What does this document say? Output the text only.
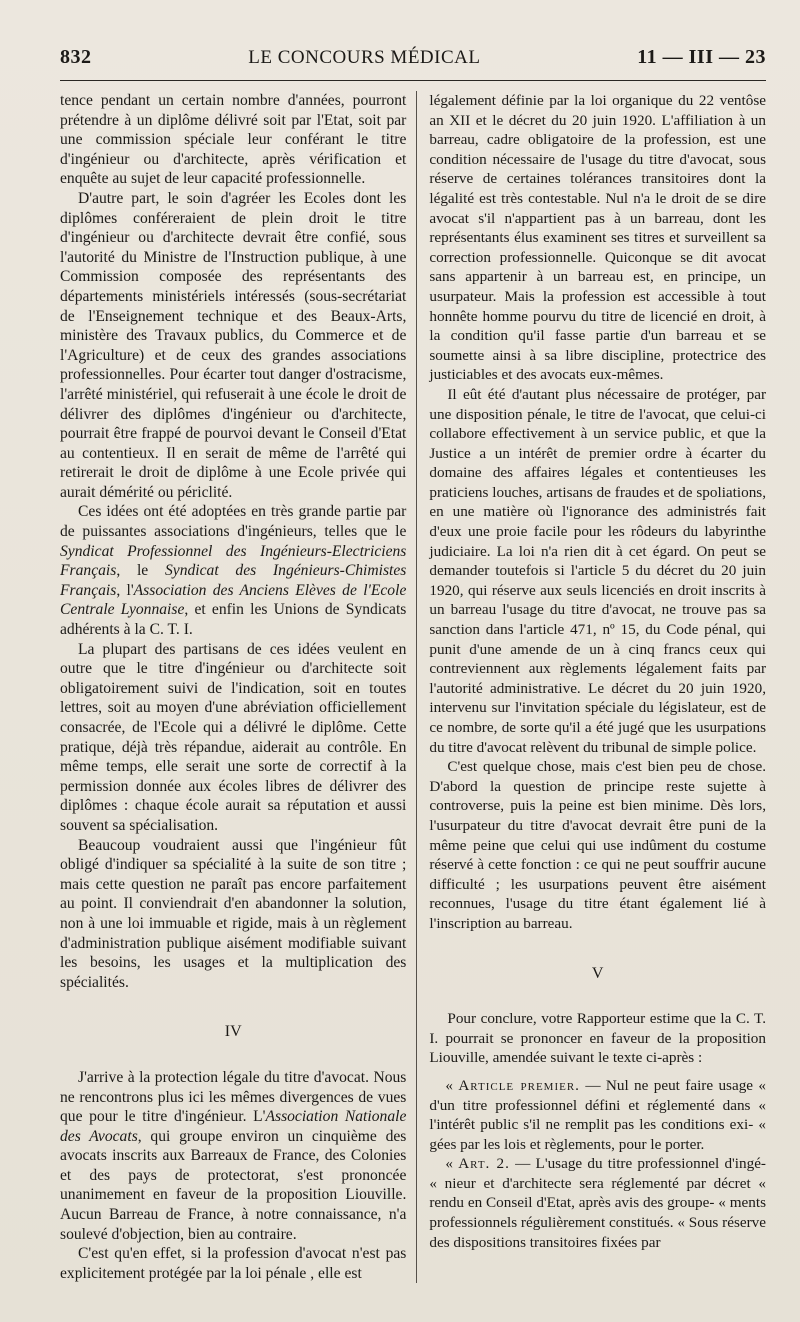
832	LE CONCOURS MÉDICAL	11 — III — 23

tence pendant un certain nombre d'années, pourront prétendre à un diplôme délivré soit par l'Etat, soit par une commission spéciale leur conférant le titre d'ingénieur ou d'architecte, après vérification et enquête au sujet de leur capacité professionnelle.

D'autre part, le soin d'agréer les Ecoles dont les diplômes conféreraient de plein droit le titre d'ingénieur ou d'architecte devrait être confié, sous l'autorité du Ministre de l'Instruction publique, à une Commission composée des représentants des départements ministériels intéressés (sous-secrétariat de l'Enseignement technique et des Beaux-Arts, ministère des Travaux publics, du Commerce et de l'Agriculture) et de ceux des grandes associations professionnelles. Pour écarter tout danger d'ostracisme, l'arrêté ministériel, qui refuserait à une école le droit de délivrer des diplômes d'ingénieur ou d'architecte, pourrait être frappé de pourvoi devant le Conseil d'Etat au contentieux. Il en serait de même de l'arrêté qui retirerait le droit de diplôme à une Ecole privée qui aurait démérité ou périclité.

Ces idées ont été adoptées en très grande partie par de puissantes associations d'ingénieurs, telles que le Syndicat Professionnel des Ingénieurs-Electriciens Français, le Syndicat des Ingénieurs-Chimistes Français, l'Association des Anciens Elèves de l'Ecole Centrale Lyonnaise, et enfin les Unions de Syndicats adhérents à la C. T. I.

La plupart des partisans de ces idées veulent en outre que le titre d'ingénieur ou d'architecte soit obligatoirement suivi de l'indication, soit en toutes lettres, soit au moyen d'une abréviation officiellement consacrée, de l'Ecole qui a délivré le diplôme. Cette pratique, déjà très répandue, aiderait au contrôle. En même temps, elle serait une sorte de correctif à la permission donnée aux écoles libres de délivrer des diplômes : chaque école aurait sa réputation et aussi souvent sa spécialisation.

Beaucoup voudraient aussi que l'ingénieur fût obligé d'indiquer sa spécialité à la suite de son titre ; mais cette question ne paraît pas encore parfaitement au point. Il conviendrait d'en abandonner la solution, non à une loi immuable et rigide, mais à un règlement d'administration publique aisément modifiable suivant les besoins, les usages et la multiplication des spécialités.

IV

J'arrive à la protection légale du titre d'avocat. Nous ne rencontrons plus ici les mêmes divergences de vues que pour le titre d'ingénieur. L'Association Nationale des Avocats, qui groupe environ un cinquième des avocats inscrits aux Barreaux de France, des Colonies et des pays de protectorat, s'est prononcée unanimement en faveur de la proposition Liouville. Aucun Barreau de France, à notre connaissance, n'a soulevé d'objection, bien au contraire.

C'est qu'en effet, si la profession d'avocat n'est pas explicitement protégée par la loi pénale , elle est

légalement définie par la loi organique du 22 ventôse an XII et le décret du 20 juin 1920. L'affiliation à un barreau, cadre obligatoire de la profession, est une condition nécessaire de l'usage du titre d'avocat, sous réserve de certaines tolérances transitoires dont la légalité est très contestable. Nul n'a le droit de se dire avocat s'il n'appartient pas à un barreau, dont les représentants élus examinent ses titres et surveillent sa correction professionnelle. Quiconque se dit avocat sans appartenir à un barreau est, en principe, un usurpateur. Mais la profession est accessible à tout honnête homme pourvu du titre de licencié en droit, à la condition qu'il fasse partie d'un barreau et se soumette ainsi à sa libre discipline, protectrice des justiciables et des avocats eux-mêmes.

Il eût été d'autant plus nécessaire de protéger, par une disposition pénale, le titre de l'avocat, que celui-ci collabore effectivement à un service public, et que la Justice a un intérêt de premier ordre à écarter du domaine des affaires légales et contentieuses les praticiens louches, artisans de fraudes et de spoliations, en une matière où l'ignorance des administrés fait d'eux une proie facile pour les rôdeurs du labyrinthe judiciaire. La loi n'a rien dit à cet égard. On peut se demander toutefois si l'article 5 du décret du 20 juin 1920, qui réserve aux seuls licenciés en droit inscrits à un barreau l'usage du titre d'avocat, ne trouve pas sa sanction dans l'article 471, nº 15, du Code pénal, qui punit d'une amende de un à cinq francs ceux qui contreviennent aux règlements légalement faits par l'autorité administrative. Le décret du 20 juin 1920, intervenu sur l'invitation spéciale du législateur, est de ce nombre, de sorte qu'il a été jugé que les usurpations du titre d'avocat relèvent du tribunal de simple police.

C'est quelque chose, mais c'est bien peu de chose. D'abord la question de principe reste sujette à controverse, puis la peine est bien minime. Dès lors, l'usurpateur du titre d'avocat devrait être puni de la même peine que celui qui use indûment du costume réservé à cette fonction : ce qui ne peut souffrir aucune difficulté ; les usurpations peuvent être aisément reconnues, l'usage du titre étant également lié à l'inscription au barreau.

V

Pour conclure, votre Rapporteur estime que la C. T. I. pourrait se prononcer en faveur de la proposition Liouville, amendée suivant le texte ci-après :

« Article premier. — Nul ne peut faire usage « d'un titre professionnel défini et réglementé dans « l'intérêt public s'il ne remplit pas les conditions exi- « gées par les lois et règlements, pour le porter.

« Art. 2. — L'usage du titre professionnel d'ingé- « nieur et d'architecte sera réglementé par décret « rendu en Conseil d'Etat, après avis des groupe- « ments professionnels régulièrement constitués. « Sous réserve des dispositions transitoires fixées par
